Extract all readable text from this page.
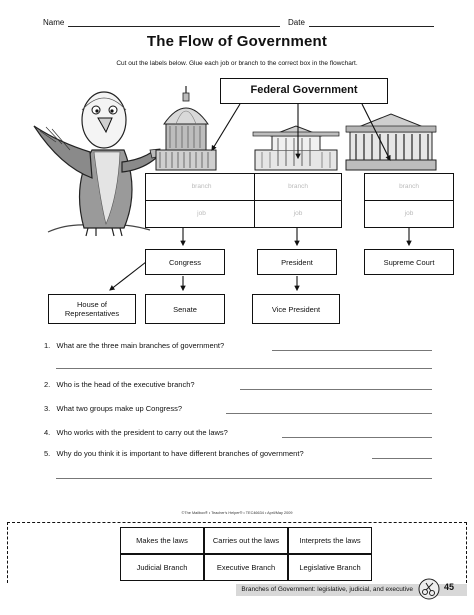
Name	Date
The Flow of Government
Cut out the labels below. Glue each job or branch to the correct box in the flowchart.
Federal Government
branch
job
branch
job
branch
job
Congress	President	Supreme Court
House of Representatives	Senate	Vice President
1. What are the three main branches of government?
2. Who is the head of the executive branch?
3. What two groups make up Congress?
4. Who works with the president to carry out the laws?
5. Why do you think it is important to have different branches of government?
©The Mailbox® • Teacher's Helper® • TEC46634 • April/May 2009
Makes the laws	Carries out the laws	Interprets the laws
Judicial Branch	Executive Branch	Legislative Branch
Branches of Government: legislative, judicial, and executive	45
